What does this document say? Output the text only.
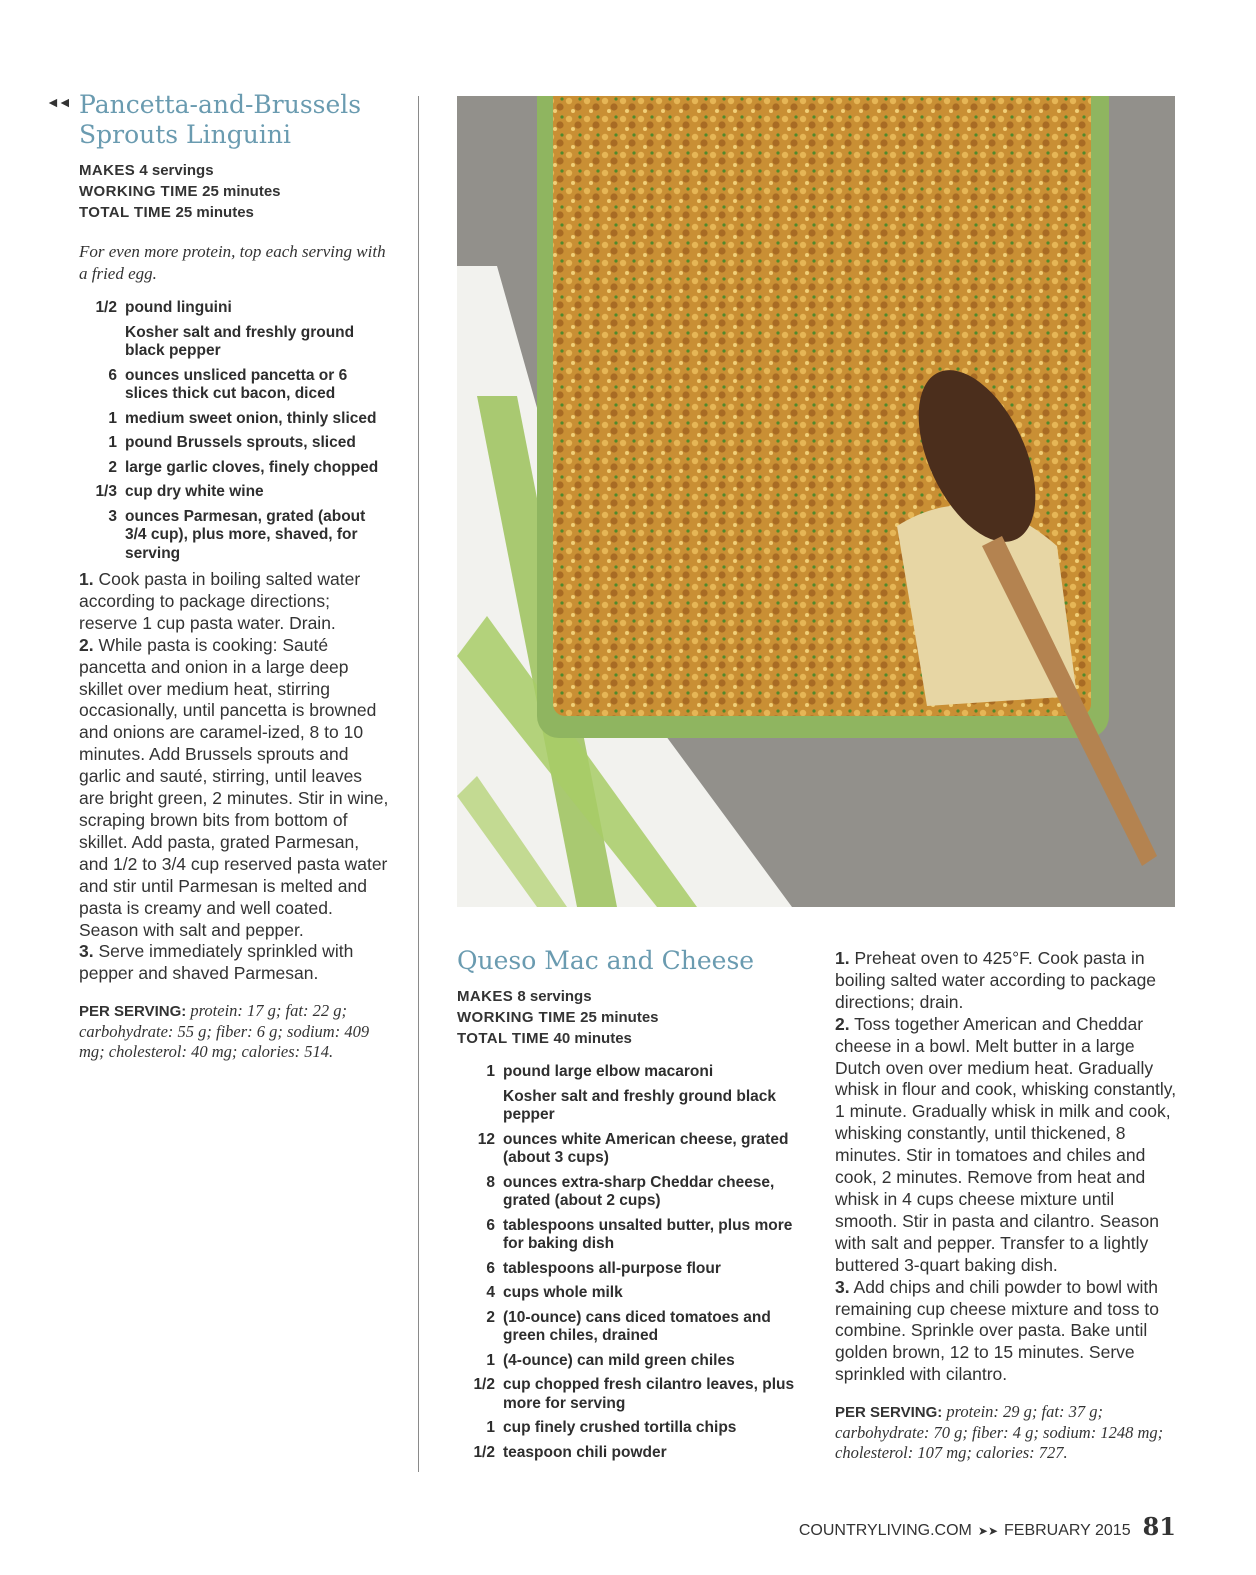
◄◄ Pancetta-and-Brussels
Sprouts Linguini
MAKES 4 servings
WORKING TIME 25 minutes
TOTAL TIME 25 minutes

For even more protein, top each serving with a fried egg.

1/2 pound linguini
Kosher salt and freshly ground black pepper
6 ounces unsliced pancetta or 6 slices thick cut bacon, diced
1 medium sweet onion, thinly sliced
1 pound Brussels sprouts, sliced
2 large garlic cloves, finely chopped
1/3 cup dry white wine
3 ounces Parmesan, grated (about 3/4 cup), plus more, shaved, for serving
1. Cook pasta in boiling salted water according to package directions; reserve 1 cup pasta water. Drain.
2. While pasta is cooking: Sauté pancetta and onion in a large deep skillet over medium heat, stirring occasionally, until pancetta is browned and onions are caramel-ized, 8 to 10 minutes. Add Brussels sprouts and garlic and sauté, stirring, until leaves are bright green, 2 minutes. Stir in wine, scraping brown bits from bottom of skillet. Add pasta, grated Parmesan, and 1/2 to 3/4 cup reserved pasta water and stir until Parmesan is melted and pasta is creamy and well coated. Season with salt and pepper.
3. Serve immediately sprinkled with pepper and shaved Parmesan.
PER SERVING: protein: 17 g; fat: 22 g; carbohydrate: 55 g; fiber: 6 g; sodium: 409 mg; cholesterol: 40 mg; calories: 514.
Queso Mac and Cheese
MAKES 8 servings
WORKING TIME 25 minutes
TOTAL TIME 40 minutes
1 pound large elbow macaroni
Kosher salt and freshly ground black pepper
12 ounces white American cheese, grated (about 3 cups)
8 ounces extra-sharp Cheddar cheese, grated (about 2 cups)
6 tablespoons unsalted butter, plus more for baking dish
6 tablespoons all-purpose flour
4 cups whole milk
2 (10-ounce) cans diced tomatoes and green chiles, drained
1 (4-ounce) can mild green chiles
1/2 cup chopped fresh cilantro leaves, plus more for serving
1 cup finely crushed tortilla chips
1/2 teaspoon chili powder
1. Preheat oven to 425°F. Cook pasta in boiling salted water according to package directions; drain.
2. Toss together American and Cheddar cheese in a bowl. Melt butter in a large Dutch oven over medium heat. Gradually whisk in flour and cook, whisking constantly, 1 minute. Gradually whisk in milk and cook, whisking constantly, until thickened, 8 minutes. Stir in tomatoes and chiles and cook, 2 minutes. Remove from heat and whisk in 4 cups cheese mixture until smooth. Stir in pasta and cilantro. Season with salt and pepper. Transfer to a lightly buttered 3-quart baking dish.
3. Add chips and chili powder to bowl with remaining cup cheese mixture and toss to combine. Sprinkle over pasta. Bake until golden brown, 12 to 15 minutes. Serve sprinkled with cilantro.
PER SERVING: protein: 29 g; fat: 37 g; carbohydrate: 70 g; fiber: 4 g; sodium: 1248 mg; cholesterol: 107 mg; calories: 727.
COUNTRYLIVING.COM ➤➤ FEBRUARY 2015 81
